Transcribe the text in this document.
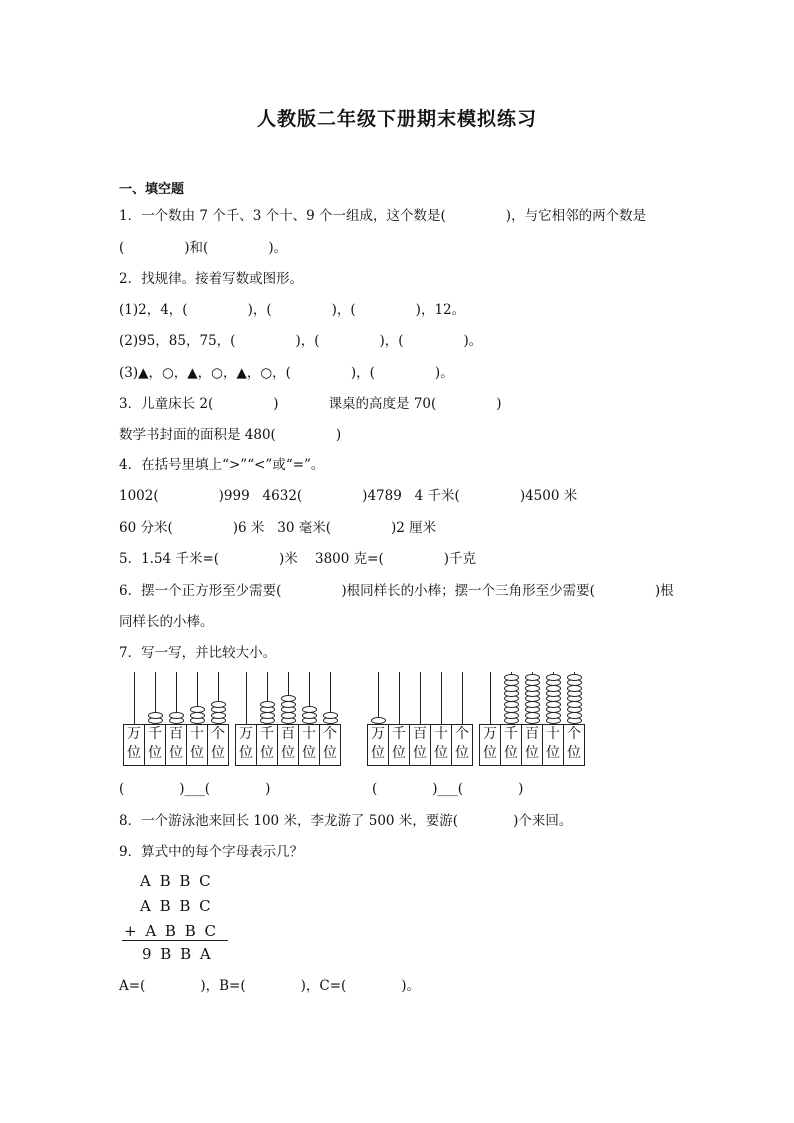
人教版二年级下册期末模拟练习
一、填空题
1．一个数由 7 个千、3 个十、9 个一组成，这个数是(	)，与它相邻的两个数是
(	)和(	)。
2．找规律。接着写数或图形。
(1)2，4，(	)，(	)，(	)，12。
(2)95，85，75，(	)，(	)，(	)。
(3)▲，○，▲，○，▲，○，(	)，(	)。
3．儿童床长 2(	)	课桌的高度是 70(	)
数学书封面的面积是 480(	)
4．在括号里填上“>”“<”或“=”。
1002(	)999 4632(	)4789 4 千米(	)4500 米
60 分米(	)6 米 30 毫米(	)2 厘米
5．1.54 千米=(	)米 3800 克=(	)千克
6．摆一个正方形至少需要(	)根同样长的小棒；摆一个三角形至少需要(	)根
同样长的小棒。
7．写一写，并比较大小。
万
位
千
位
百
位
十
位
个
位
万
位
千
位
百
位
十
位
个
位
万
位
千
位
百
位
十
位
个
位
万
位
千
位
百
位
十
位
个
位
(	)___(	)	(	)___(	)
8．一个游泳池来回长 100 米，李龙游了 500 米，要游(	)个来回。
9．算式中的每个字母表示几？
A B B C
A B B C
+ A B B C
9 B B A
A=(	)，B=(	)，C=(	)。
